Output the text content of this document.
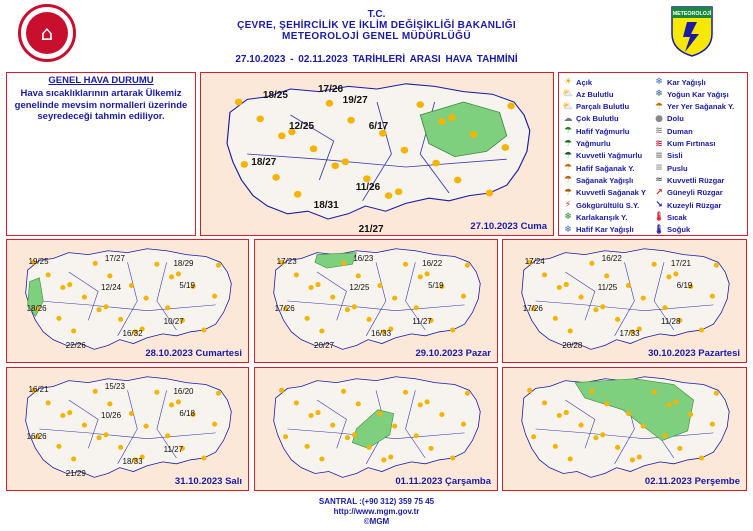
⌂
T.C.
ÇEVRE, ŞEHİRCİLİK VE İKLİM DEĞİŞİKLİĞİ BAKANLIĞI
METEOROLOJİ GENEL MÜDÜRLÜĞÜ
27.10.2023 - 02.11.2023 TARİHLERİ ARASI HAVA TAHMİNİ
METEOROLOJİ
GENEL HAVA DURUMU
Hava sıcaklıklarının artarak Ülkemiz genelinde mevsim normalleri üzerinde seyredeceği tahmin ediliyor.
18/25
17/26
19/27
12/25	6/17
18/27
11/26
18/31
21/27	27.10.2023 Cuma
☀ Açık
⛅ Az Bulutlu
⛅ Parçalı Bulutlu
☁ Çok Bulutlu
☂ Hafif Yağmurlu
☂ Yağmurlu
☂ Kuvvetli Yağmurlu
☂ Hafif Sağanak Y.
☂ Sağanak Yağışlı
☂ Kuvvetli Sağanak Y
⚡ Gökgürültülü S.Y.
❄ Karlakarışık Y.
❄ Hafif Kar Yağışlı
❄ Kar Yağışlı
❄ Yoğun Kar Yağışı
☂ Yer Yer Sağanak Y.
● Dolu
≋ Duman
≋ Kum Fırtınası
≡ Sisli
≡ Puslu
≈ Kuvvetli Rüzgar
↗ Güneyli Rüzgar
↘ Kuzeyli Rüzgar
🌡 Sıcak
🌡 Soğuk
19/25	17/27
18/29
12/24	5/19
18/26
10/27
16/32
22/26
28.10.2023 Cumartesi
17/23	16/23
16/22
12/25	5/19
17/26
11/27
16/33
20/27
29.10.2023 Pazar
17/24	16/22
17/21
11/25	6/19
17/26
11/28
17/33
20/28
30.10.2023 Pazartesi
16/21	15/23
16/20
10/26	6/18
16/26
11/27
18/33
21/29
31.10.2023 Salı	01.11.2023 Çarşamba	02.11.2023 Perşembe
SANTRAL :(+90 312) 359 75 45
http://www.mgm.gov.tr
©MGM
